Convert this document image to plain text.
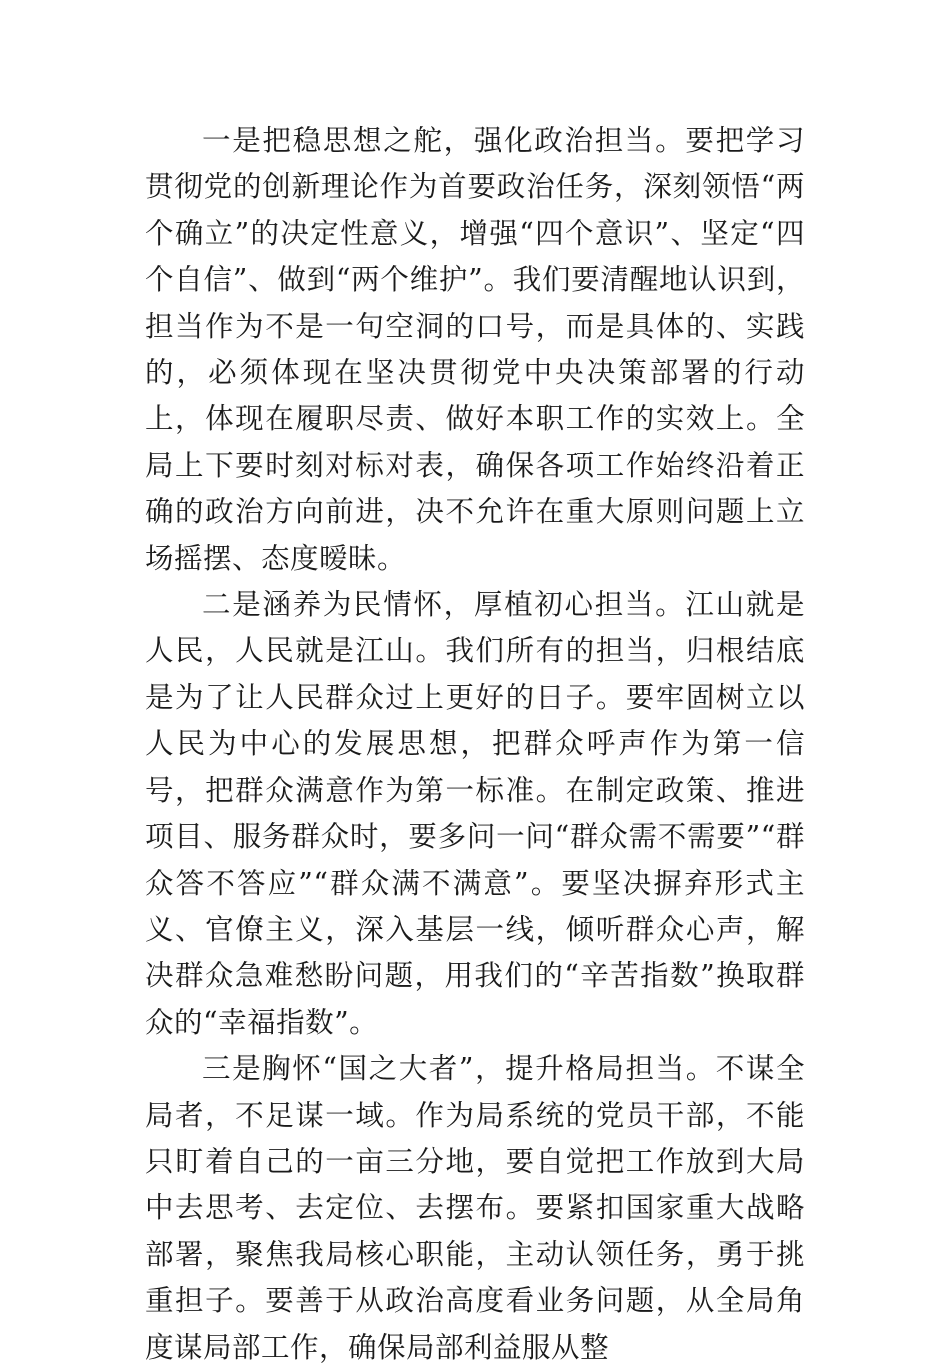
一是把稳思想之舵，强化政治担当。要把学习贯彻党的创新理论作为首要政治任务，深刻领悟“两个确立”的决定性意义，增强“四个意识”、坚定“四个自信”、做到“两个维护”。我们要清醒地认识到，担当作为不是一句空洞的口号，而是具体的、实践的，必须体现在坚决贯彻党中央决策部署的行动上，体现在履职尽责、做好本职工作的实效上。全局上下要时刻对标对表，确保各项工作始终沿着正确的政治方向前进，决不允许在重大原则问题上立场摇摆、态度暧昧。

二是涵养为民情怀，厚植初心担当。江山就是人民，人民就是江山。我们所有的担当，归根结底是为了让人民群众过上更好的日子。要牢固树立以人民为中心的发展思想，把群众呼声作为第一信号，把群众满意作为第一标准。在制定政策、推进项目、服务群众时，要多问一问“群众需不需要”“群众答不答应”“群众满不满意”。要坚决摒弃形式主义、官僚主义，深入基层一线，倾听群众心声，解决群众急难愁盼问题，用我们的“辛苦指数”换取群众的“幸福指数”。

三是胸怀“国之大者”，提升格局担当。不谋全局者，不足谋一域。作为局系统的党员干部，不能只盯着自己的一亩三分地，要自觉把工作放到大局中去思考、去定位、去摆布。要紧扣国家重大战略部署，聚焦我局核心职能，主动认领任务，勇于挑重担子。要善于从政治高度看业务问题，从全局角度谋局部工作，确保局部利益服从整
